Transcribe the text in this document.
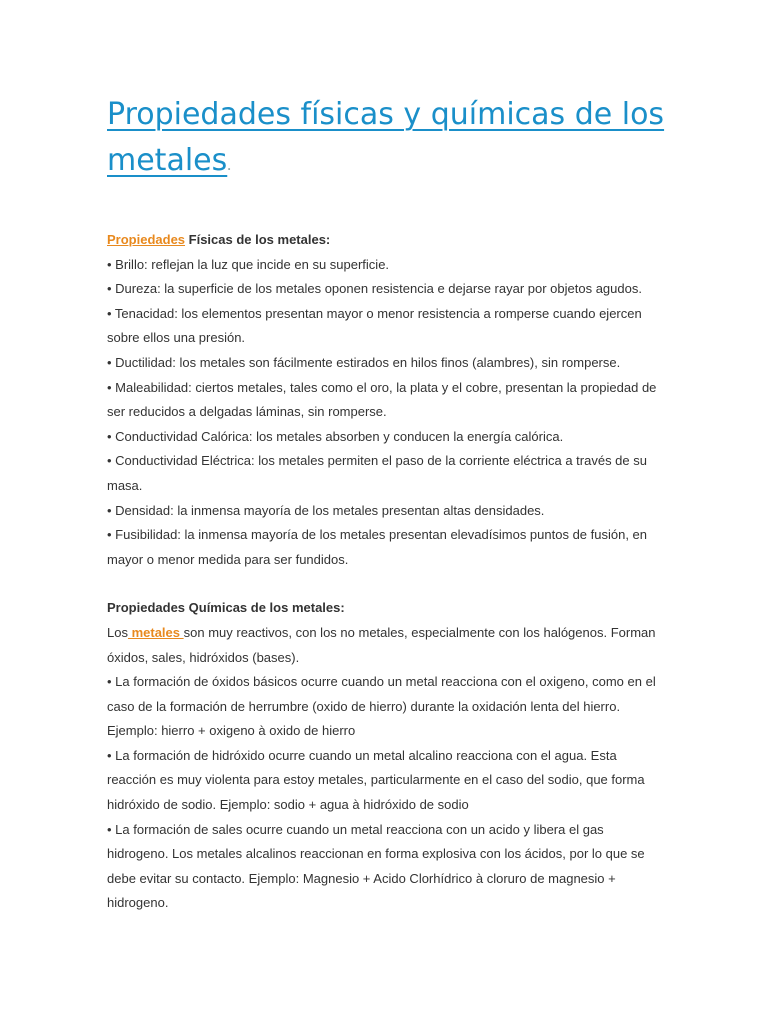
Propiedades físicas y químicas de los
metales.

Propiedades Físicas de los metales:

• Brillo: reflejan la luz que incide en su superficie.

• Dureza: la superficie de los metales oponen resistencia e dejarse rayar por objetos agudos.

• Tenacidad: los elementos presentan mayor o menor resistencia a romperse cuando ejercen sobre ellos una presión.

• Ductilidad: los metales son fácilmente estirados en hilos finos (alambres), sin romperse.

• Maleabilidad: ciertos metales, tales como el oro, la plata y el cobre, presentan la propiedad de ser reducidos a delgadas láminas, sin romperse.

• Conductividad Calórica: los metales absorben y conducen la energía calórica.

• Conductividad Eléctrica: los metales permiten el paso de la corriente eléctrica a través de su masa.

• Densidad: la inmensa mayoría de los metales presentan altas densidades.

• Fusibilidad: la inmensa mayoría de los metales presentan elevadísimos puntos de fusión, en mayor o menor medida para ser fundidos.

Propiedades Químicas de los metales:

Los metales son muy reactivos, con los no metales, especialmente con los halógenos. Forman óxidos, sales, hidróxidos (bases).

• La formación de óxidos básicos ocurre cuando un metal reacciona con el oxigeno, como en el caso de la formación de herrumbre (oxido de hierro) durante la oxidación lenta del hierro. Ejemplo: hierro + oxigeno à oxido de hierro

• La formación de hidróxido ocurre cuando un metal alcalino reacciona con el agua. Esta reacción es muy violenta para estoy metales, particularmente en el caso del sodio, que forma hidróxido de sodio. Ejemplo: sodio + agua à hidróxido de sodio

• La formación de sales ocurre cuando un metal reacciona con un acido y libera el gas hidrogeno. Los metales alcalinos reaccionan en forma explosiva con los ácidos, por lo que se debe evitar su contacto. Ejemplo: Magnesio + Acido Clorhídrico à cloruro de magnesio + hidrogeno.
